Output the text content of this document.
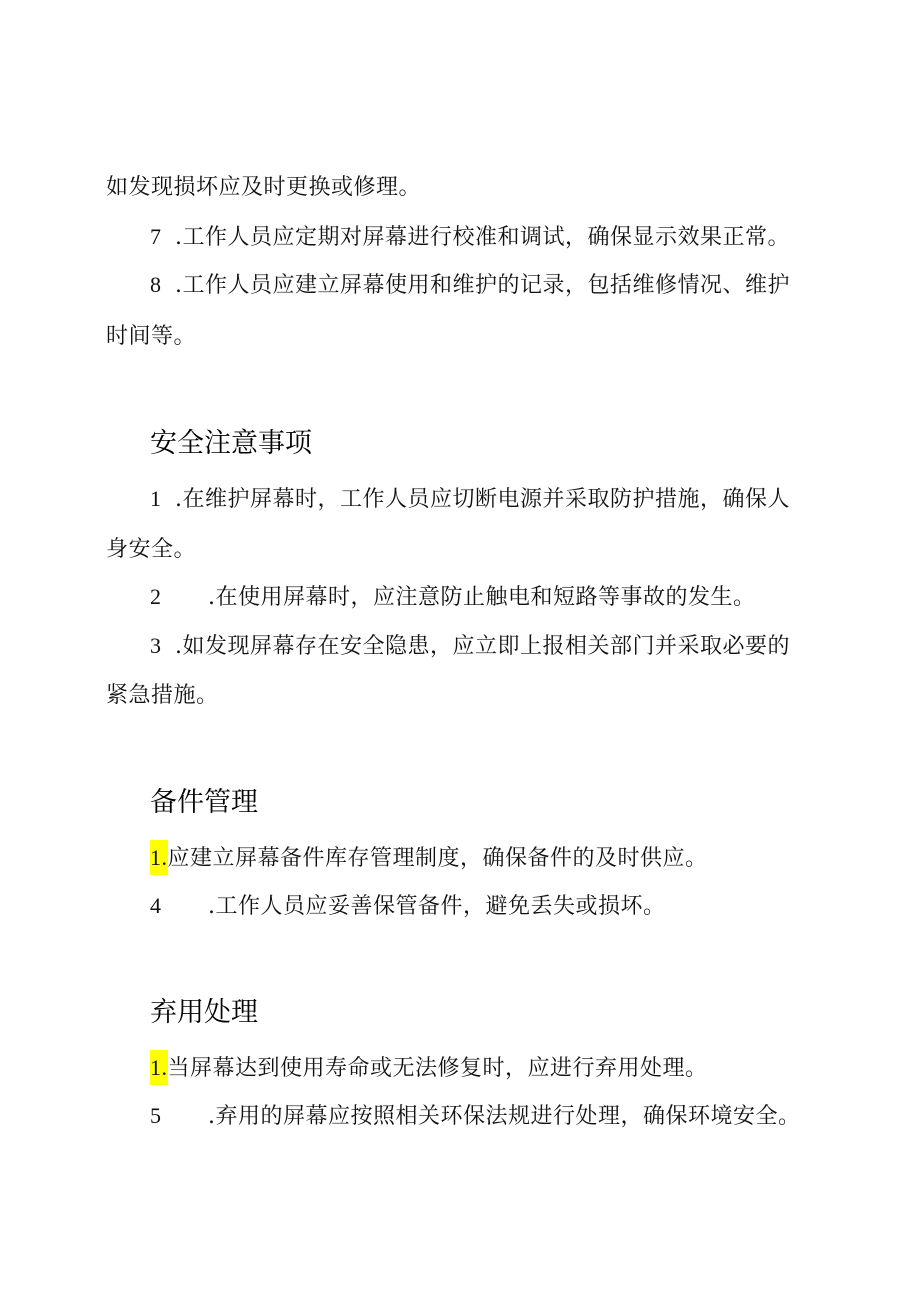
如发现损坏应及时更换或修理。
7 .工作人员应定期对屏幕进行校准和调试，确保显示效果正常。
8 .工作人员应建立屏幕使用和维护的记录，包括维修情况、维护
时间等。
安全注意事项
1 .在维护屏幕时，工作人员应切断电源并采取防护措施，确保人
身安全。
2 .在使用屏幕时，应注意防止触电和短路等事故的发生。
3 .如发现屏幕存在安全隐患，应立即上报相关部门并采取必要的
紧急措施。
备件管理
1.应建立屏幕备件库存管理制度，确保备件的及时供应。
4 .工作人员应妥善保管备件，避免丢失或损坏。
弃用处理
1.当屏幕达到使用寿命或无法修复时，应进行弃用处理。
5 .弃用的屏幕应按照相关环保法规进行处理，确保环境安全。
